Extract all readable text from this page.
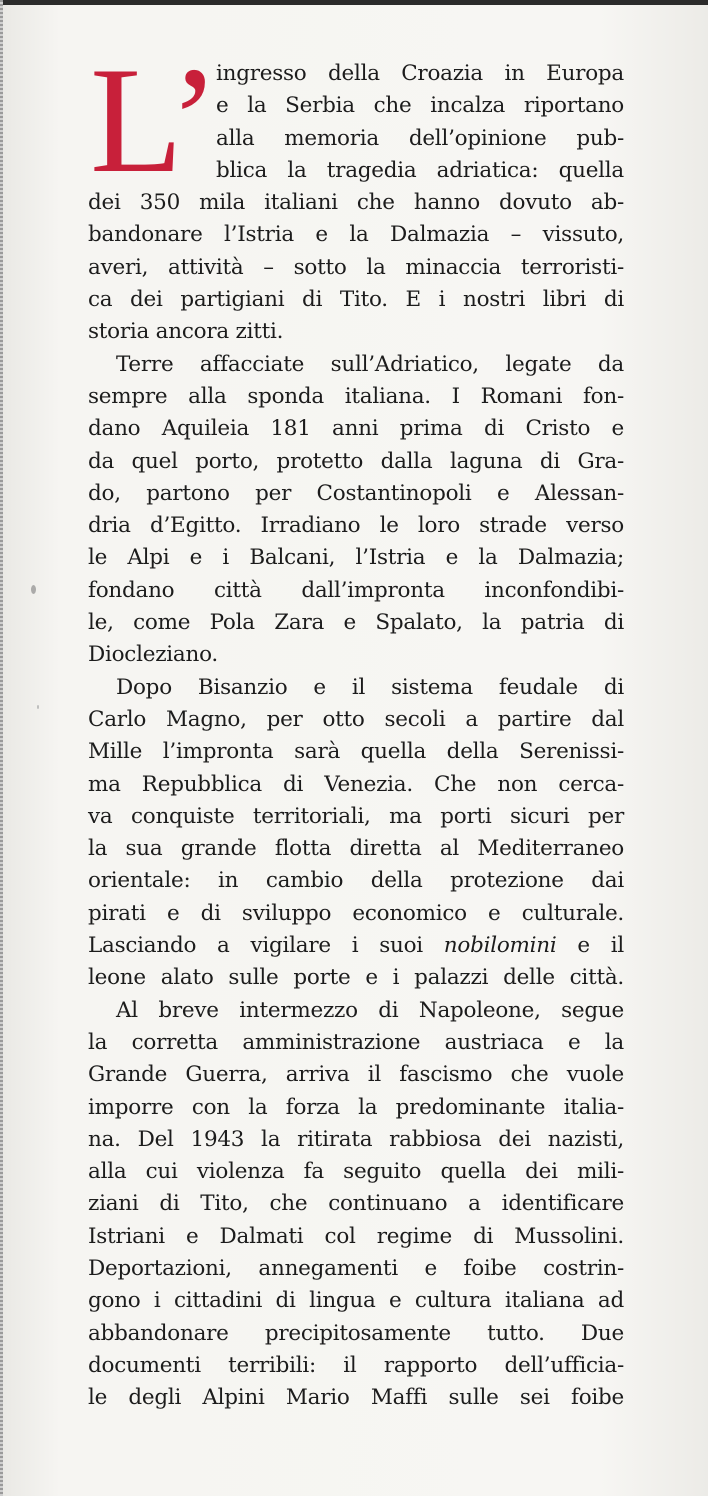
L’
ingresso della Croazia in Europa
e la Serbia che incalza riportano
alla memoria dell’opinione pub-
blica la tragedia adriatica: quella
dei 350 mila italiani che hanno dovuto ab-
bandonare l’Istria e la Dalmazia – vissuto,
averi, attività – sotto la minaccia terroristi-
ca dei partigiani di Tito. E i nostri libri di
storia ancora zitti.
Terre affacciate sull’Adriatico, legate da
sempre alla sponda italiana. I Romani fon-
dano Aquileia 181 anni prima di Cristo e
da quel porto, protetto dalla laguna di Gra-
do, partono per Costantinopoli e Alessan-
dria d’Egitto. Irradiano le loro strade verso
le Alpi e i Balcani, l’Istria e la Dalmazia;
fondano città dall’impronta inconfondibi-
le, come Pola Zara e Spalato, la patria di
Diocleziano.
Dopo Bisanzio e il sistema feudale di
Carlo Magno, per otto secoli a partire dal
Mille l’impronta sarà quella della Serenissi-
ma Repubblica di Venezia. Che non cerca-
va conquiste territoriali, ma porti sicuri per
la sua grande flotta diretta al Mediterraneo
orientale: in cambio della protezione dai
pirati e di sviluppo economico e culturale.
Lasciando a vigilare i suoi nobilomini e il
leone alato sulle porte e i palazzi delle città.
Al breve intermezzo di Napoleone, segue
la corretta amministrazione austriaca e la
Grande Guerra, arriva il fascismo che vuole
imporre con la forza la predominante italia-
na. Del 1943 la ritirata rabbiosa dei nazisti,
alla cui violenza fa seguito quella dei mili-
ziani di Tito, che continuano a identificare
Istriani e Dalmati col regime di Mussolini.
Deportazioni, annegamenti e foibe costrin-
gono i cittadini di lingua e cultura italiana ad
abbandonare precipitosamente tutto. Due
documenti terribili: il rapporto dell’ufficia-
le degli Alpini Mario Maffi sulle sei foibe
